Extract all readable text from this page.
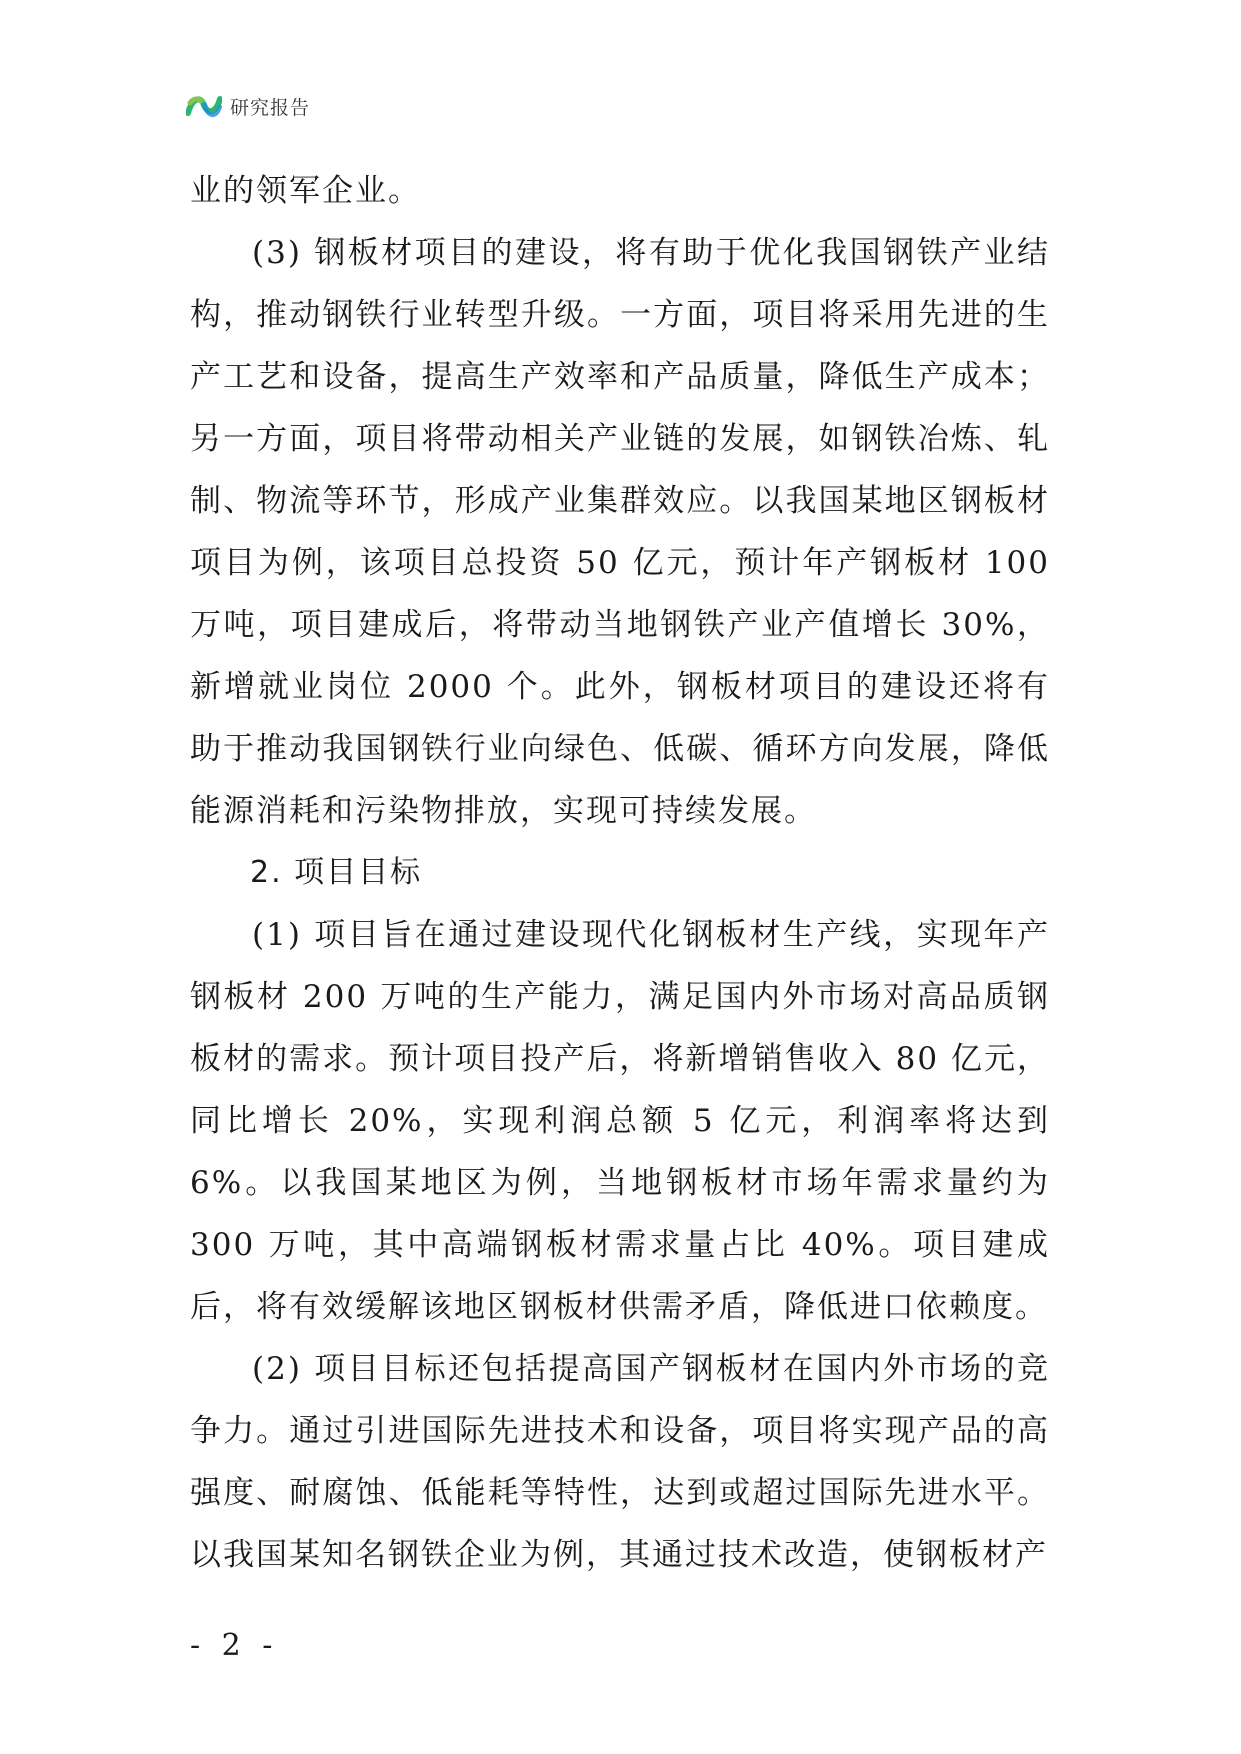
研究报告

业的领军企业。

(3) 钢板材项目的建设，将有助于优化我国钢铁产业结构，推动钢铁行业转型升级。一方面，项目将采用先进的生产工艺和设备，提高生产效率和产品质量，降低生产成本；另一方面，项目将带动相关产业链的发展，如钢铁冶炼、轧制、物流等环节，形成产业集群效应。以我国某地区钢板材项目为例，该项目总投资 50 亿元，预计年产钢板材 100 万吨，项目建成后，将带动当地钢铁产业产值增长 30%，新增就业岗位 2000 个。此外，钢板材项目的建设还将有助于推动我国钢铁行业向绿色、低碳、循环方向发展，降低能源消耗和污染物排放，实现可持续发展。

2. 项目目标

(1) 项目旨在通过建设现代化钢板材生产线，实现年产钢板材 200 万吨的生产能力，满足国内外市场对高品质钢板材的需求。预计项目投产后，将新增销售收入 80 亿元，同比增长 20%，实现利润总额 5 亿元，利润率将达到 6%。以我国某地区为例，当地钢板材市场年需求量约为 300 万吨，其中高端钢板材需求量占比 40%。项目建成后，将有效缓解该地区钢板材供需矛盾，降低进口依赖度。

(2) 项目目标还包括提高国产钢板材在国内外市场的竞争力。通过引进国际先进技术和设备，项目将实现产品的高强度、耐腐蚀、低能耗等特性，达到或超过国际先进水平。以我国某知名钢铁企业为例，其通过技术改造，使钢板材产

- 2 -
